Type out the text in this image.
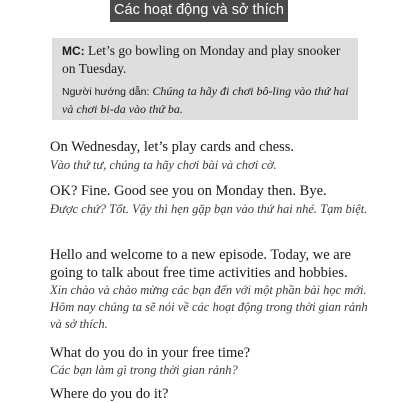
Các hoạt động và sở thích
MC: Let’s go bowling on Monday and play snooker on Tuesday.
Người hướng dẫn: Chúng ta hãy đi chơi bô-ling vào thứ hai và chơi bi-da vào thứ ba.
On Wednesday, let’s play cards and chess.
Vào thứ tư, chúng ta hãy chơi bài và chơi cờ.
OK? Fine. Good see you on Monday then. Bye.
Được chứ? Tốt. Vậy thì hẹn gặp bạn vào thứ hai nhé. Tạm biệt.
Hello and welcome to a new episode. Today, we are going to talk about free time activities and hobbies.
Xin chào và chào mừng các bạn đến với một phần bài học mới. Hôm nay chúng ta sẽ nói về các hoạt động trong thời gian rảnh và sở thích.
What do you do in your free time?
Các bạn làm gì trong thời gian rảnh?
Where do you do it?
